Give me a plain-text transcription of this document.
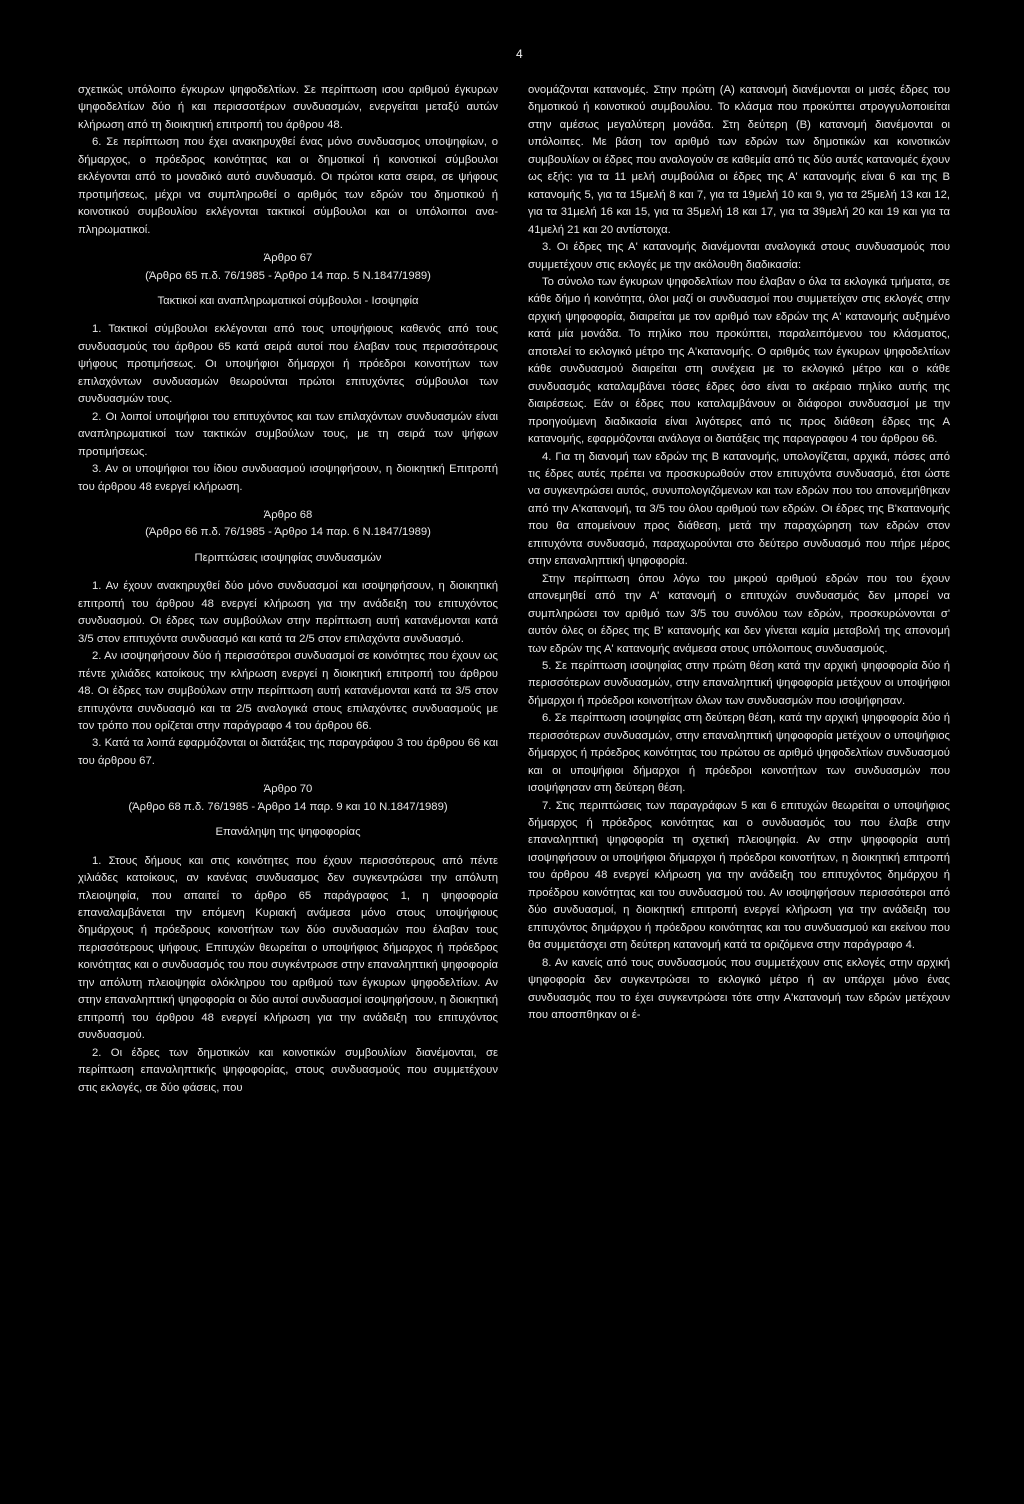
4

σχετικώς υπόλοιπο έγκυρων ψηφοδελτίων. Σε περίπτωση ισου αριθμού έγκυρων ψηφοδελτίων δύο ή και περισσοτέρων συνδυασμών, ενεργείται μεταξύ αυτών κλήρωση από τη διοικητική επιτροπή του άρθρου 48.

6. Σε περίπτωση που έχει ανακηρυχθεί ένας μόνο συνδυασμος υποψηφίων, ο δήμαρχος, ο πρόεδρος κοινότητας και οι δημοτικοί ή κοινοτικοί σύμβουλοι εκλέγονται από το μοναδικό αυτό συνδυασμό. Οι πρώτοι κατα σειρα, σε ψήφους προτιμήσεως, μέχρι να συμπληρωθεί ο αριθμός των εδρών του δημοτικού ή κοινοτικού συμβουλίου εκλέγονται τακτικοί σύμβουλοι και οι υπόλοιποι αναπληρωματικοί.

Άρθρο 67

(Άρθρο 65 π.δ. 76/1985 - Άρθρο 14 παρ. 5 Ν.1847/1989)

Τακτικοί και αναπληρωματικοί σύμβουλοι - Ισοψηφία

1. Τακτικοί σύμβουλοι εκλέγονται από τους υποψήφιους καθενός από τους συνδυασμούς του άρθρου 65 κατά σειρά αυτοί που έλαβαν τους περισσότερους ψήφους προτιμήσεως. Οι υποψήφιοι δήμαρχοι ή πρόεδροι κοινοτήτων των επιλαχόντων συνδυασμών θεωρούνται πρώτοι επιτυχόντες σύμβουλοι των συνδυασμών τους.

2. Οι λοιποί υποψήφιοι του επιτυχόντος και των επιλαχόντων συνδυασμών είναι αναπληρωματικοί των τακτικών συμβούλων τους, με τη σειρά των ψήφων προτιμήσεως.

3. Αν οι υποψήφιοι του ίδιου συνδυασμού ισοψηφήσουν, η διοικητική Επιτροπή του άρθρου 48 ενεργεί κλήρωση.

Άρθρο 68

(Άρθρο 66 π.δ. 76/1985 - Άρθρο 14 παρ. 6 Ν.1847/1989)

Περιπτώσεις ισοψηφίας συνδυασμών

1. Αν έχουν ανακηρυχθεί δύο μόνο συνδυασμοί και ισοψηφήσουν, η διοικητική επιτροπή του άρθρου 48 ενεργεί κλήρωση για την ανάδειξη του επιτυχόντος συνδυασμού. Οι έδρες των συμβούλων στην περίπτωση αυτή κατανέμονται κατά 3/5 στον επιτυχόντα συνδυασμό και κατά τα 2/5 στον επιλαχόντα συνδυασμό.

2. Αν ισοψηφήσουν δύο ή περισσότεροι συνδυασμοί σε κοινότητες που έχουν ως πέντε χιλιάδες κατοίκους την κλήρωση ενεργεί η διοικητική επιτροπή του άρθρου 48. Οι έδρες των συμβούλων στην περίπτωση αυτή κατανέμονται κατά τα 3/5 στον επιτυχόντα συνδυασμό και τα 2/5 αναλογικά στους επιλαχόντες συνδυασμούς με τον τρόπο που ορίζεται στην παράγραφο 4 του άρθρου 66.

3. Κατά τα λοιπά εφαρμόζονται οι διατάξεις της παραγράφου 3 του άρθρου 66 και του άρθρου 67.

Άρθρο 70

(Άρθρο 68 π.δ. 76/1985 - Άρθρο 14 παρ. 9 και 10 Ν.1847/1989)

Επανάληψη της ψηφοφορίας

1. Στους δήμους και στις κοινότητες που έχουν περισσότερους από πέντε χιλιάδες κατοίκους, αν κανένας συνδυασμος δεν συγκεντρώσει την απόλυτη πλειοψηφία, που απαιτεί το άρθρο 65 παράγραφος 1, η ψηφοφορία επαναλαμβάνεται την επόμενη Κυριακή ανάμεσα μόνο στους υποψήφιους δημάρχους ή πρόεδρους κοινοτήτων των δύο συνδυασμών που έλαβαν τους περισσότερους ψήφους. Επιτυχών θεωρείται ο υποψήφιος δήμαρχος ή πρόεδρος κοινότητας και ο συνδυασμός του που συγκέντρωσε στην επαναληπτική ψηφοφορία την απόλυτη πλειοψηφία ολόκληρου του αριθμού των έγκυρων ψηφοδελτίων. Αν στην επαναληπτική ψηφοφορία οι δύο αυτοί συνδυασμοί ισοψηφήσουν, η διοικητική επιτροπή του άρθρου 48 ενεργεί κλήρωση για την ανάδειξη του επιτυχόντος συνδυασμού.

2. Οι έδρες των δημοτικών και κοινοτικών συμβουλίων διανέμονται, σε περίπτωση επαναληπτικής ψηφοφορίας, στους συνδυασμούς που συμμετέχουν στις εκλογές, σε δύο φάσεις, που

ονομάζονται κατανομές. Στην πρώτη (Α) κατανομή διανέμονται οι μισές έδρες του δημοτικού ή κοινοτικού συμβουλίου. Το κλάσμα που προκύπτει στρογγυλοποιείται στην αμέσως μεγαλύτερη μονάδα. Στη δεύτερη (Β) κατανομή διανέμονται οι υπόλοιπες. Με βάση τον αριθμό των εδρών των δημοτικών και κοινοτικών συμβουλίων οι έδρες που αναλογούν σε καθεμία από τις δύο αυτές κατανομές έχουν ως εξής: για τα 11 μελή συμβούλια οι έδρες της Α' κατανομής είναι 6 και της Β κατανομής 5, για τα 15μελή 8 και 7, για τα 19μελή 10 και 9, για τα 25μελή 13 και 12, για τα 31μελή 16 και 15, για τα 35μελή 18 και 17, για τα 39μελή 20 και 19 και για τα 41μελή 21 και 20 αντίστοιχα.

3. Οι έδρες της Α' κατανομής διανέμονται αναλογικά στους συνδυασμούς που συμμετέχουν στις εκλογές με την ακόλουθη διαδικασία:

Το σύνολο των έγκυρων ψηφοδελτίων που έλαβαν ο όλα τα εκλογικά τμήματα, σε κάθε δήμο ή κοινότητα, όλοι μαζί οι συνδυασμοί που συμμετείχαν στις εκλογές στην αρχική ψηφοφορία, διαιρείται με τον αριθμό των εδρών της Α' κατανομής αυξημένο κατά μία μονάδα. Το πηλίκο που προκύπτει, παραλειπόμενου του κλάσματος, αποτελεί το εκλογικό μέτρο της Α'κατανομής. Ο αριθμός των έγκυρων ψηφοδελτίων κάθε συνδυασμού διαιρείται στη συνέχεια με το εκλογικό μέτρο και ο κάθε συνδυασμός καταλαμβάνει τόσες έδρες όσο είναι το ακέραιο πηλίκο αυτής της διαιρέσεως. Εάν οι έδρες που καταλαμβάνουν οι διάφοροι συνδυασμοί με την προηγούμενη διαδικασία είναι λιγότερες από τις προς διάθεση έδρες της Α κατανομής, εφαρμόζονται ανάλογα οι διατάξεις της παραγραφου 4 του άρθρου 66.

4. Για τη διανομή των εδρών της Β κατανομής, υπολογίζεται, αρχικά, πόσες από τις έδρες αυτές πρέπει να προσκυρωθούν στον επιτυχόντα συνδυασμό, έτσι ώστε να συγκεντρώσει αυτός, συνυπολογιζόμενων και των εδρών που του απονεμήθηκαν από την Α'κατανομή, τα 3/5 του όλου αριθμού των εδρών. Οι έδρες της Β'κατανομής που θα απομείνουν προς διάθεση, μετά την παραχώρηση των εδρών στον επιτυχόντα συνδυασμό, παραχωρούνται στο δεύτερο συνδυασμό που πήρε μέρος στην επαναληπτική ψηφοφορία.

Στην περίπτωση όπου λόγω του μικρού αριθμού εδρών που του έχουν απονεμηθεί από την Α' κατανομή ο επιτυχών συνδυασμός δεν μπορεί να συμπληρώσει τον αριθμό των 3/5 του συνόλου των εδρών, προσκυρώνονται σ' αυτόν όλες οι έδρες της Β' κατανομής και δεν γίνεται καμία μεταβολή της απονομή των εδρών της Α' κατανομής ανάμεσα στους υπόλοιπους συνδυασμούς.

5. Σε περίπτωση ισοψηφίας στην πρώτη θέση κατά την αρχική ψηφοφορία δύο ή περισσότερων συνδυασμών, στην επαναληπτική ψηφοφορία μετέχουν οι υποψήφιοι δήμαρχοι ή πρόεδροι κοινοτήτων όλων των συνδυασμών που ισοψήφησαν.

6. Σε περίπτωση ισοψηφίας στη δεύτερη θέση, κατά την αρχική ψηφοφορία δύο ή περισσότερων συνδυασμών, στην επαναληπτική ψηφοφορία μετέχουν ο υποψήφιος δήμαρχος ή πρόεδρος κοινότητας του πρώτου σε αριθμό ψηφοδελτίων συνδυασμού και οι υποψήφιοι δήμαρχοι ή πρόεδροι κοινοτήτων των συνδυασμών που ισοψήφησαν στη δεύτερη θέση.

7. Στις περιπτώσεις των παραγράφων 5 και 6 επιτυχών θεωρείται ο υποψήφιος δήμαρχος ή πρόεδρος κοινότητας και ο συνδυασμός του που έλαβε στην επαναληπτική ψηφοφορία τη σχετική πλειοψηφία. Αν στην ψηφοφορία αυτή ισοψηφήσουν οι υποψήφιοι δήμαρχοι ή πρόεδροι κοινοτήτων, η διοικητική επιτροπή του άρθρου 48 ενεργεί κλήρωση για την ανάδειξη του επιτυχόντος δημάρχου ή προέδρου κοινότητας και του συνδυασμού του. Αν ισοψηφήσουν περισσότεροι από δύο συνδυασμοί, η διοικητική επιτροπή ενεργεί κλήρωση για την ανάδειξη του επιτυχόντος δημάρχου ή πρόεδρου κοινότητας και του συνδυασμού και εκείνου που θα συμμετάσχει στη δεύτερη κατανομή κατά τα οριζόμενα στην παράγραφο 4.

8. Αν κανείς από τους συνδυασμούς που συμμετέχουν στις εκλογές στην αρχική ψηφοφορία δεν συγκεντρώσει το εκλογικό μέτρο ή αν υπάρχει μόνο ένας συνδυασμός που το έχει συγκεντρώσει τότε στην Α'κατανομή των εδρών μετέχουν που αποσπθηκαν οι έ-
